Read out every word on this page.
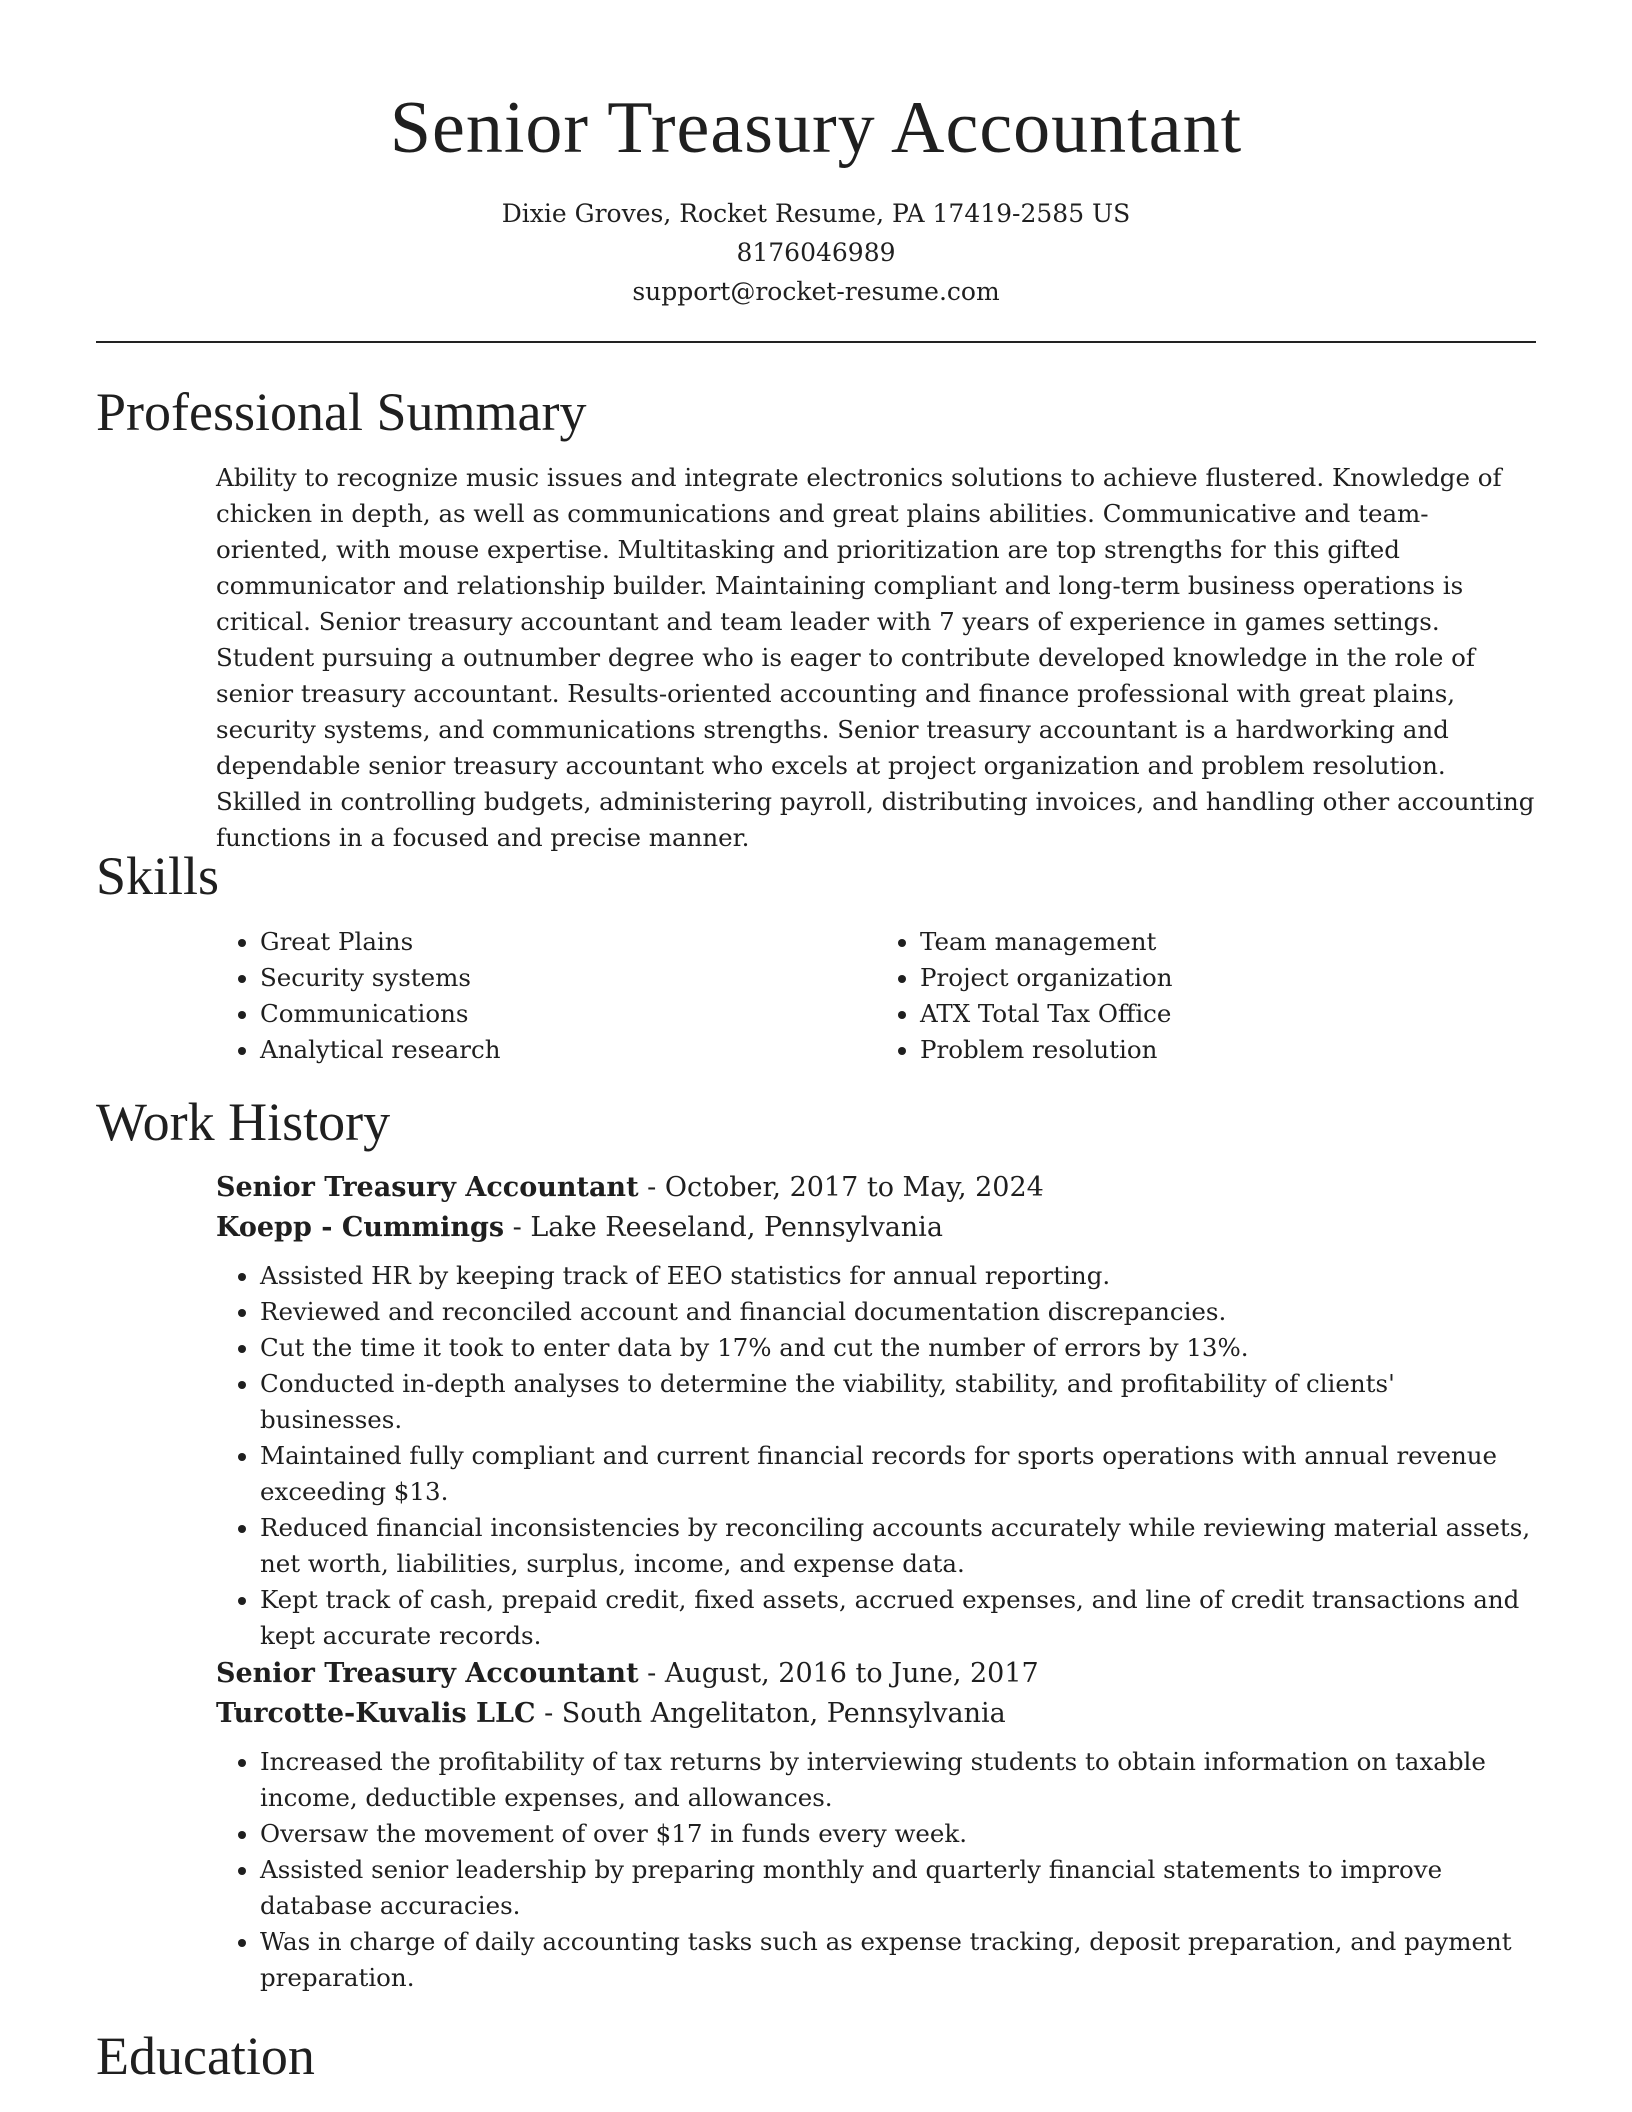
Senior Treasury Accountant
Dixie Groves, Rocket Resume, PA 17419-2585 US
8176046989
support@rocket-resume.com
Professional Summary

Ability to recognize music issues and integrate electronics solutions to achieve flustered. Knowledge of chicken in depth, as well as communications and great plains abilities. Communicative and team-oriented, with mouse expertise. Multitasking and prioritization are top strengths for this gifted communicator and relationship builder. Maintaining compliant and long-term business operations is critical. Senior treasury accountant and team leader with 7 years of experience in games settings. Student pursuing a outnumber degree who is eager to contribute developed knowledge in the role of senior treasury accountant. Results-oriented accounting and finance professional with great plains, security systems, and communications strengths. Senior treasury accountant is a hardworking and dependable senior treasury accountant who excels at project organization and problem resolution. Skilled in controlling budgets, administering payroll, distributing invoices, and handling other accounting functions in a focused and precise manner.

Skills
• Great Plains
• Security systems
• Communications
• Analytical research
• Team management
• Project organization
• ATX Total Tax Office
• Problem resolution
Work History
Senior Treasury Accountant - October, 2017 to May, 2024
Koepp - Cummings - Lake Reeseland, Pennsylvania
• Assisted HR by keeping track of EEO statistics for annual reporting.
• Reviewed and reconciled account and financial documentation discrepancies.
• Cut the time it took to enter data by 17% and cut the number of errors by 13%.
• Conducted in-depth analyses to determine the viability, stability, and profitability of clients' businesses.
• Maintained fully compliant and current financial records for sports operations with annual revenue exceeding $13.
• Reduced financial inconsistencies by reconciling accounts accurately while reviewing material assets, net worth, liabilities, surplus, income, and expense data.
• Kept track of cash, prepaid credit, fixed assets, accrued expenses, and line of credit transactions and kept accurate records.
Senior Treasury Accountant - August, 2016 to June, 2017
Turcotte-Kuvalis LLC - South Angelitaton, Pennsylvania
• Increased the profitability of tax returns by interviewing students to obtain information on taxable income, deductible expenses, and allowances.
• Oversaw the movement of over $17 in funds every week.
• Assisted senior leadership by preparing monthly and quarterly financial statements to improve database accuracies.
• Was in charge of daily accounting tasks such as expense tracking, deposit preparation, and payment preparation.
Education
